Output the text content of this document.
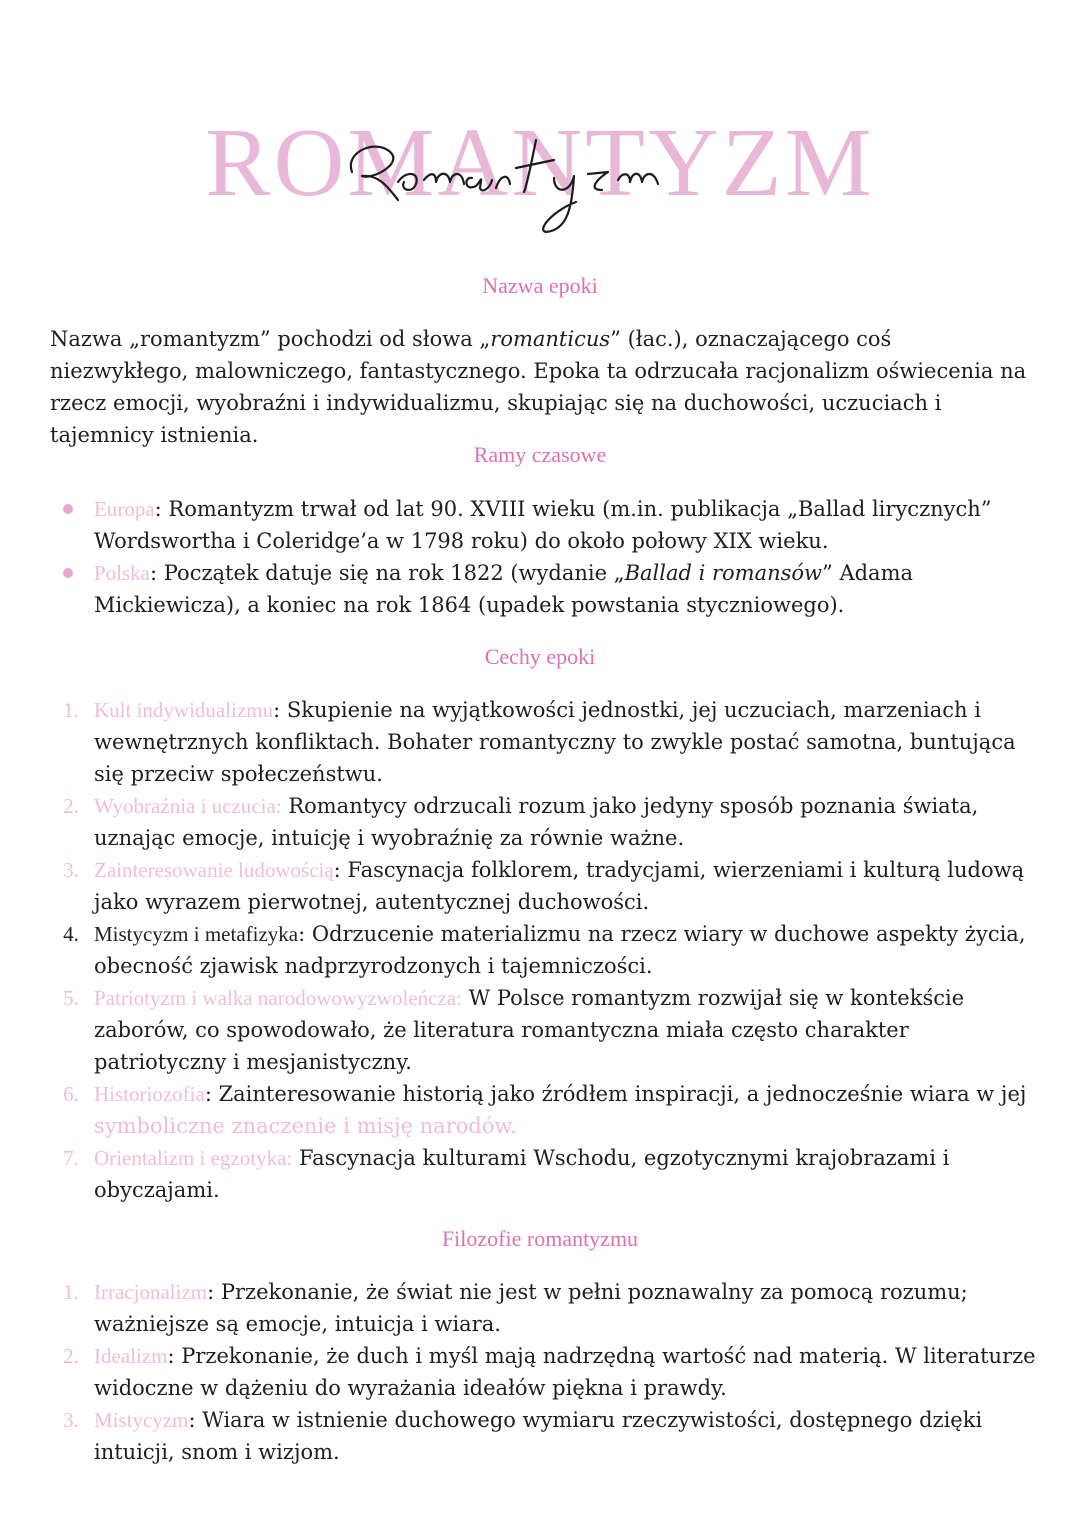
ROMANTYZM
Nazwa epoki
Nazwa „romantyzm” pochodzi od słowa „romanticus” (łac.), oznaczającego coś niezwykłego, malowniczego, fantastycznego. Epoka ta odrzucała racjonalizm oświecenia na rzecz emocji, wyobraźni i indywidualizmu, skupiając się na duchowości, uczuciach i tajemnicy istnienia.
Ramy czasowe
Europa: Romantyzm trwał od lat 90. XVIII wieku (m.in. publikacja „Ballad lirycznych” Wordswortha i Coleridge’a w 1798 roku) do około połowy XIX wieku.
Polska: Początek datuje się na rok 1822 (wydanie „Ballad i romansów” Adama Mickiewicza), a koniec na rok 1864 (upadek powstania styczniowego).
Cechy epoki
1. Kult indywidualizmu: Skupienie na wyjątkowości jednostki, jej uczuciach, marzeniach i wewnętrznych konfliktach. Bohater romantyczny to zwykle postać samotna, buntująca się przeciw społeczeństwu.
2. Wyobraźnia i uczucia: Romantycy odrzucali rozum jako jedyny sposób poznania świata, uznając emocje, intuicję i wyobraźnię za równie ważne.
3. Zainteresowanie ludowością: Fascynacja folklorem, tradycjami, wierzeniami i kulturą ludową jako wyrazem pierwotnej, autentycznej duchowości.
4. Mistycyzm i metafizyka: Odrzucenie materializmu na rzecz wiary w duchowe aspekty życia, obecność zjawisk nadprzyrodzonych i tajemniczości.
5. Patriotyzm i walka narodowowyzwoleńcza: W Polsce romantyzm rozwijał się w kontekście zaborów, co spowodowało, że literatura romantyczna miała często charakter patriotyczny i mesjanistyczny.
6. Historiozofia: Zainteresowanie historią jako źródłem inspiracji, a jednocześnie wiara w jej symboliczne znaczenie i misję narodów.
7. Orientalizm i egzotyka: Fascynacja kulturami Wschodu, egzotycznymi krajobrazami i obyczajami.
Filozofie romantyzmu
1. Irracjonalizm: Przekonanie, że świat nie jest w pełni poznawalny za pomocą rozumu; ważniejsze są emocje, intuicja i wiara.
2. Idealizm: Przekonanie, że duch i myśl mają nadrzędną wartość nad materią. W literaturze widoczne w dążeniu do wyrażania ideałów piękna i prawdy.
3. Mistycyzm: Wiara w istnienie duchowego wymiaru rzeczywistości, dostępnego dzięki intuicji, snom i wizjom.
